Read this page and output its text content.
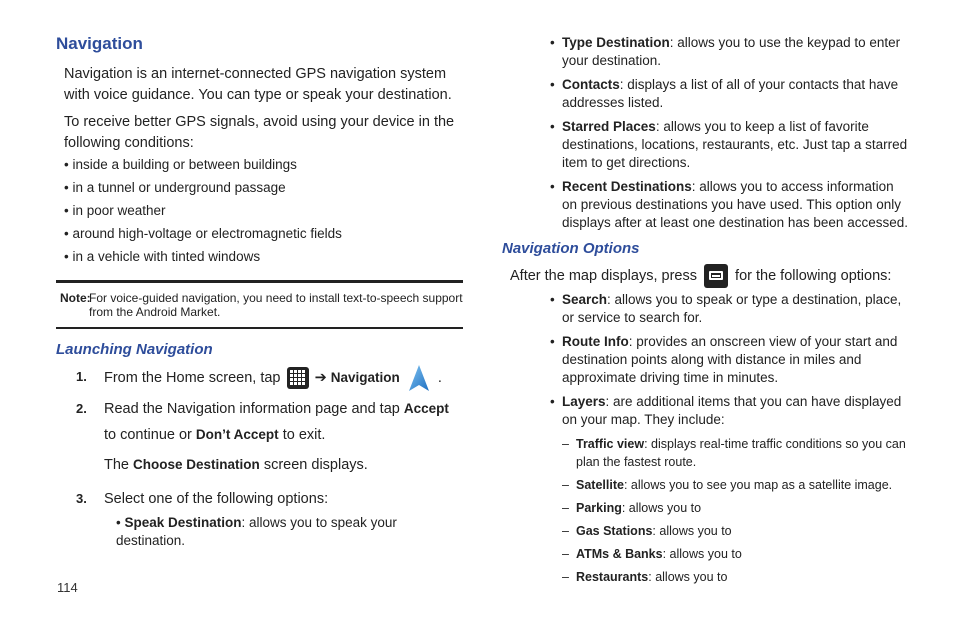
Navigation

Navigation is an internet-connected GPS navigation system with voice guidance. You can type or speak your destination.

To receive better GPS signals, avoid using your device in the following conditions:

• inside a building or between buildings
• in a tunnel or underground passage
• in poor weather
• around high-voltage or electromagnetic fields
• in a vehicle with tinted windows
Note:
For voice-guided navigation, you need to install text-to-speech support from the Android Market.
Launching Navigation
1. From the Home screen, tap ➔ Navigation	.
2. Read the Navigation information page and tap Accept to continue or Don’t Accept to exit.
The Choose Destination screen displays.
3. Select one of the following options:
• Speak Destination: allows you to speak your destination.
• Type Destination: allows you to use the keypad to enter your destination.
• Contacts: displays a list of all of your contacts that have addresses listed.
• Starred Places: allows you to keep a list of favorite destinations, locations, restaurants, etc. Just tap a starred item to get directions.
• Recent Destinations: allows you to access information on previous destinations you have used. This option only displays after at least one destination has been accessed.
Navigation Options
After the map displays, press	for the following options:
• Search: allows you to speak or type a destination, place, or service to search for.
• Route Info: provides an onscreen view of your start and destination points along with distance in miles and approximate driving time in minutes.
• Layers: are additional items that you can have displayed on your map. They include:
– Traffic view: displays real-time traffic conditions so you can plan the fastest route.
– Satellite: allows you to see you map as a satellite image.
– Parking: allows you to
– Gas Stations: allows you to
– ATMs & Banks: allows you to
– Restaurants: allows you to
114
